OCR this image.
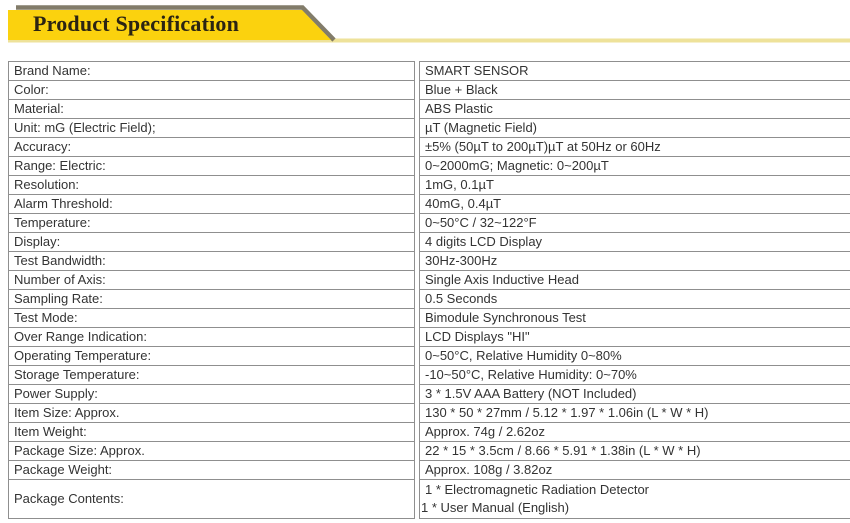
Product Specification
Brand Name:
Color:
Material:
Unit: mG (Electric Field);
Accuracy:
Range: Electric:
Resolution:
Alarm Threshold:
Temperature:
Display:
Test Bandwidth:
Number of Axis:
Sampling Rate:
Test Mode:
Over Range Indication:
Operating Temperature:
Storage Temperature:
Power Supply:
Item Size: Approx.
Item Weight:
Package Size: Approx.
Package Weight:
Package Contents:
SMART SENSOR
Blue + Black
ABS Plastic
µT (Magnetic Field)
±5% (50µT to 200µT)µT at 50Hz or 60Hz
0~2000mG; Magnetic: 0~200µT
1mG, 0.1µT
40mG, 0.4µT
0~50°C / 32~122°F
4 digits LCD Display
30Hz-300Hz
Single Axis Inductive Head
0.5 Seconds
Bimodule Synchronous Test
LCD Displays "HI"
0~50°C, Relative Humidity 0~80%
-10~50°C, Relative Humidity: 0~70%
3 * 1.5V AAA Battery (NOT Included)
130 * 50 * 27mm / 5.12 * 1.97 * 1.06in (L * W * H)
Approx. 74g / 2.62oz
22 * 15 * 3.5cm / 8.66 * 5.91 * 1.38in (L * W * H)
Approx. 108g / 3.82oz
1 * Electromagnetic Radiation Detector
1 * User Manual (English)
